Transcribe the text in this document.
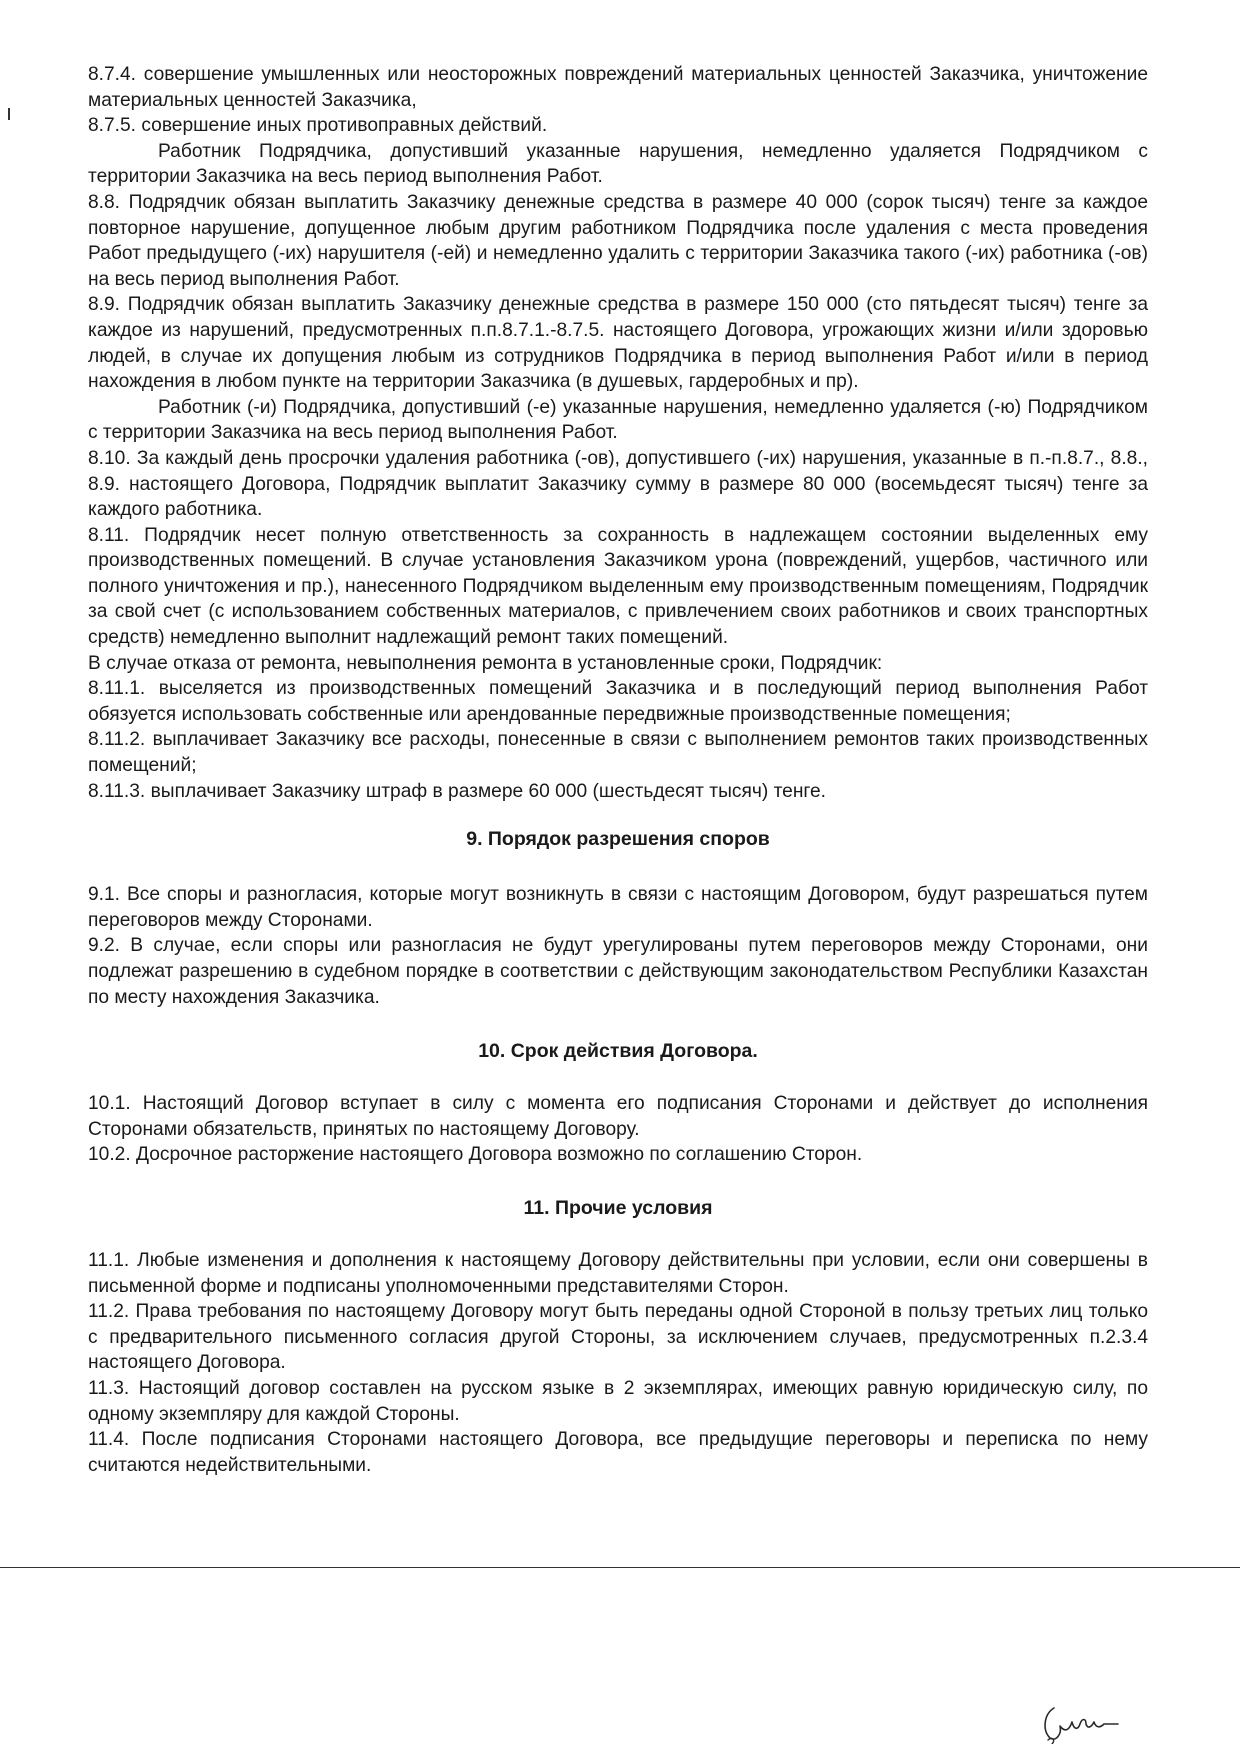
8.7.4. совершение умышленных или неосторожных повреждений материальных ценностей Заказчика, уничтожение материальных ценностей Заказчика,

8.7.5. совершение иных противоправных действий.

Работник Подрядчика, допустивший указанные нарушения, немедленно удаляется Подрядчиком с территории Заказчика на весь период выполнения Работ.

8.8. Подрядчик обязан выплатить Заказчику денежные средства в размере 40 000 (сорок тысяч) тенге за каждое повторное нарушение, допущенное любым другим работником Подрядчика после удаления с места проведения Работ предыдущего (-их) нарушителя (-ей) и немедленно удалить с территории Заказчика такого (-их) работника (-ов) на весь период выполнения Работ.

8.9. Подрядчик обязан выплатить Заказчику денежные средства в размере 150 000 (сто пятьдесят тысяч) тенге за каждое из нарушений, предусмотренных п.п.8.7.1.-8.7.5. настоящего Договора, угрожающих жизни и/или здоровью людей, в случае их допущения любым из сотрудников Подрядчика в период выполнения Работ и/или в период нахождения в любом пункте на территории Заказчика (в душевых, гардеробных и пр).

Работник (-и) Подрядчика, допустивший (-е) указанные нарушения, немедленно удаляется (-ю) Подрядчиком с территории Заказчика на весь период выполнения Работ.

8.10. За каждый день просрочки удаления работника (-ов), допустившего (-их) нарушения, указанные в п.-п.8.7., 8.8., 8.9. настоящего Договора, Подрядчик выплатит Заказчику сумму в размере 80 000 (восемьдесят тысяч) тенге за каждого работника.

8.11. Подрядчик несет полную ответственность за сохранность в надлежащем состоянии выделенных ему производственных помещений. В случае установления Заказчиком урона (повреждений, ущербов, частичного или полного уничтожения и пр.), нанесенного Подрядчиком выделенным ему производственным помещениям, Подрядчик за свой счет (с использованием собственных материалов, с привлечением своих работников и своих транспортных средств) немедленно выполнит надлежащий ремонт таких помещений.

В случае отказа от ремонта, невыполнения ремонта в установленные сроки, Подрядчик:

8.11.1. выселяется из производственных помещений Заказчика и в последующий период выполнения Работ обязуется использовать собственные или арендованные передвижные производственные помещения;

8.11.2. выплачивает Заказчику все расходы, понесенные в связи с выполнением ремонтов таких производственных помещений;

8.11.3. выплачивает Заказчику штраф в размере 60 000 (шестьдесят тысяч) тенге.

9. Порядок разрешения споров

9.1. Все споры и разногласия, которые могут возникнуть в связи с настоящим Договором, будут разрешаться путем переговоров между Сторонами.

9.2. В случае, если споры или разногласия не будут урегулированы путем переговоров между Сторонами, они подлежат разрешению в судебном порядке в соответствии с действующим законодательством Республики Казахстан по месту нахождения Заказчика.

10. Срок действия Договора.

10.1. Настоящий Договор вступает в силу с момента его подписания Сторонами и действует до исполнения Сторонами обязательств, принятых по настоящему Договору.

10.2. Досрочное расторжение настоящего Договора возможно по соглашению Сторон.

11. Прочие условия

11.1. Любые изменения и дополнения к настоящему Договору действительны при условии, если они совершены в письменной форме и подписаны уполномоченными представителями Сторон.

11.2. Права требования по настоящему Договору могут быть переданы одной Стороной в пользу третьих лиц только с предварительного письменного согласия другой Стороны, за исключением случаев, предусмотренных п.2.3.4 настоящего Договора.

11.3. Настоящий договор составлен на русском языке в 2 экземплярах, имеющих равную юридическую силу, по одному экземпляру для каждой Стороны.

11.4. После подписания Сторонами настоящего Договора, все предыдущие переговоры и переписка по нему считаются недействительными.
